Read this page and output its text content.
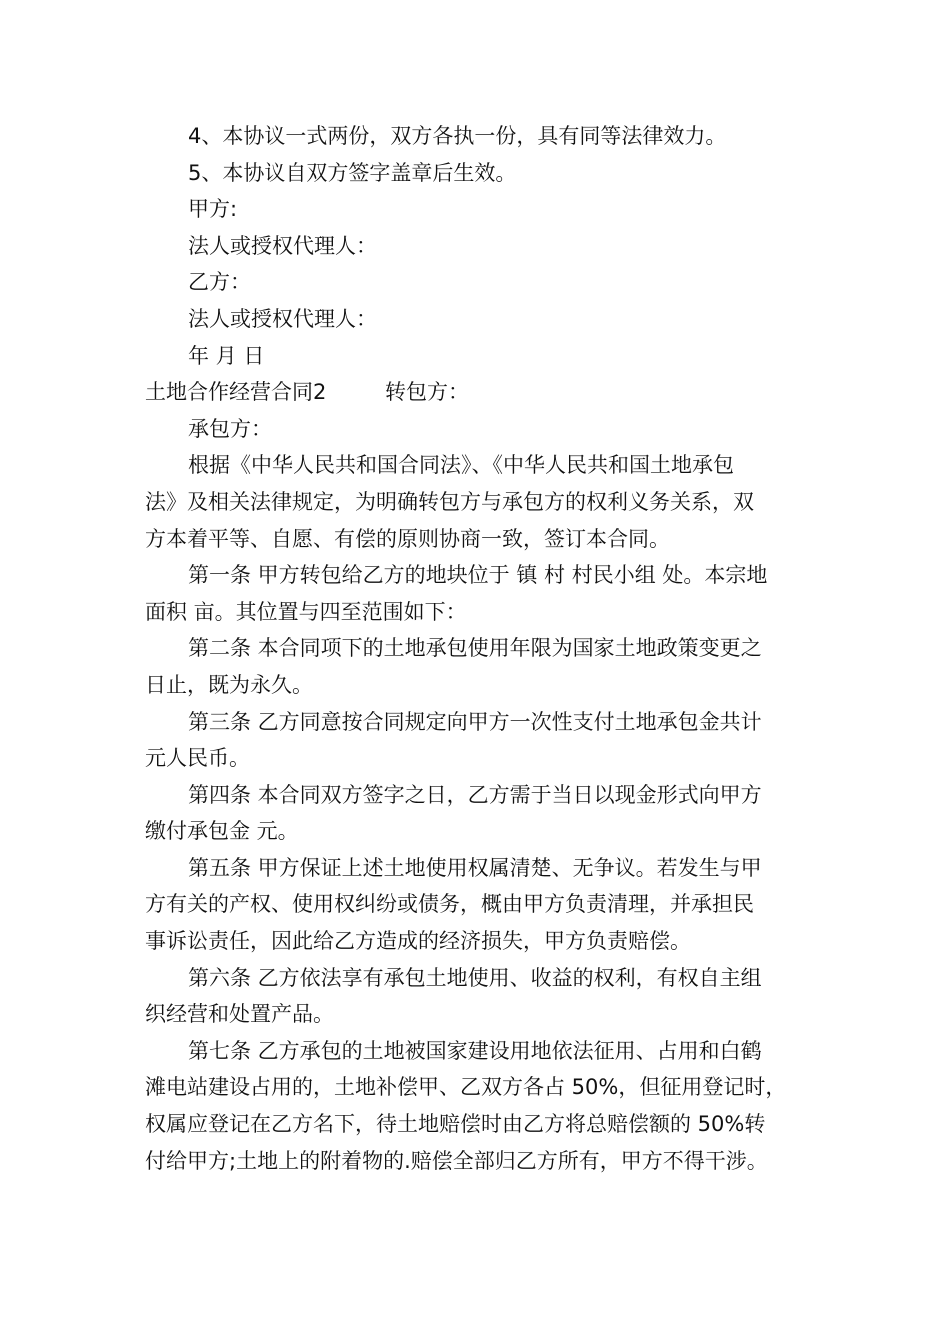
4、本协议一式两份，双方各执一份，具有同等法律效力。
5、本协议自双方签字盖章后生效。
甲方:
法人或授权代理人：
乙方：
法人或授权代理人：
年 月 日
土地合作经营合同2	转包方：
承包方：
根据《中华人民共和国合同法》、《中华人民共和国土地承包
法》及相关法律规定，为明确转包方与承包方的权利义务关系，双
方本着平等、自愿、有偿的原则协商一致，签订本合同。
第一条 甲方转包给乙方的地块位于 镇 村 村民小组 处。本宗地
面积 亩。其位置与四至范围如下：
第二条 本合同项下的土地承包使用年限为国家土地政策变更之
日止，既为永久。
第三条 乙方同意按合同规定向甲方一次性支付土地承包金共计
元人民币。
第四条 本合同双方签字之日，乙方需于当日以现金形式向甲方
缴付承包金 元。
第五条 甲方保证上述土地使用权属清楚、无争议。若发生与甲
方有关的产权、使用权纠纷或债务，概由甲方负责清理，并承担民
事诉讼责任，因此给乙方造成的经济损失，甲方负责赔偿。
第六条 乙方依法享有承包土地使用、收益的权利，有权自主组
织经营和处置产品。
第七条 乙方承包的土地被国家建设用地依法征用、占用和白鹤
滩电站建设占用的，土地补偿甲、乙双方各占 50%，但征用登记时，
权属应登记在乙方名下，待土地赔偿时由乙方将总赔偿额的 50%转
付给甲方;土地上的附着物的.赔偿全部归乙方所有，甲方不得干涉。
